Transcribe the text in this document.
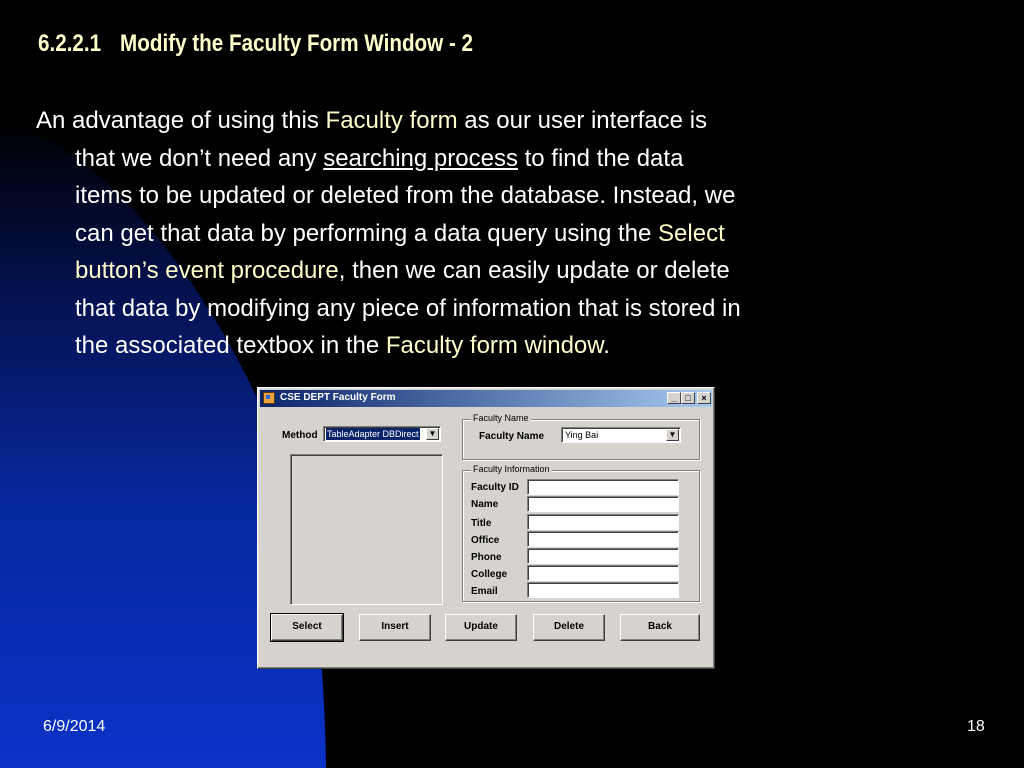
6.2.2.1 Modify the Faculty Form Window - 2
An advantage of using this Faculty form as our user interface is
that we don’t need any searching process to find the data
items to be updated or deleted from the database. Instead, we
can get that data by performing a data query using the Select
button’s event procedure, then we can easily update or delete
that data by modifying any piece of information that is stored in
the associated textbox in the Faculty form window.
CSE DEPT Faculty Form	_ □	×
Method TableAdapter DBDirect	▼
Faculty Name
Faculty Name Ying Bai	▼
Faculty Information
Faculty ID
Name
Title
Office
Phone
College
Email
Select	Insert	Update	Delete	Back
6/9/2014	18
